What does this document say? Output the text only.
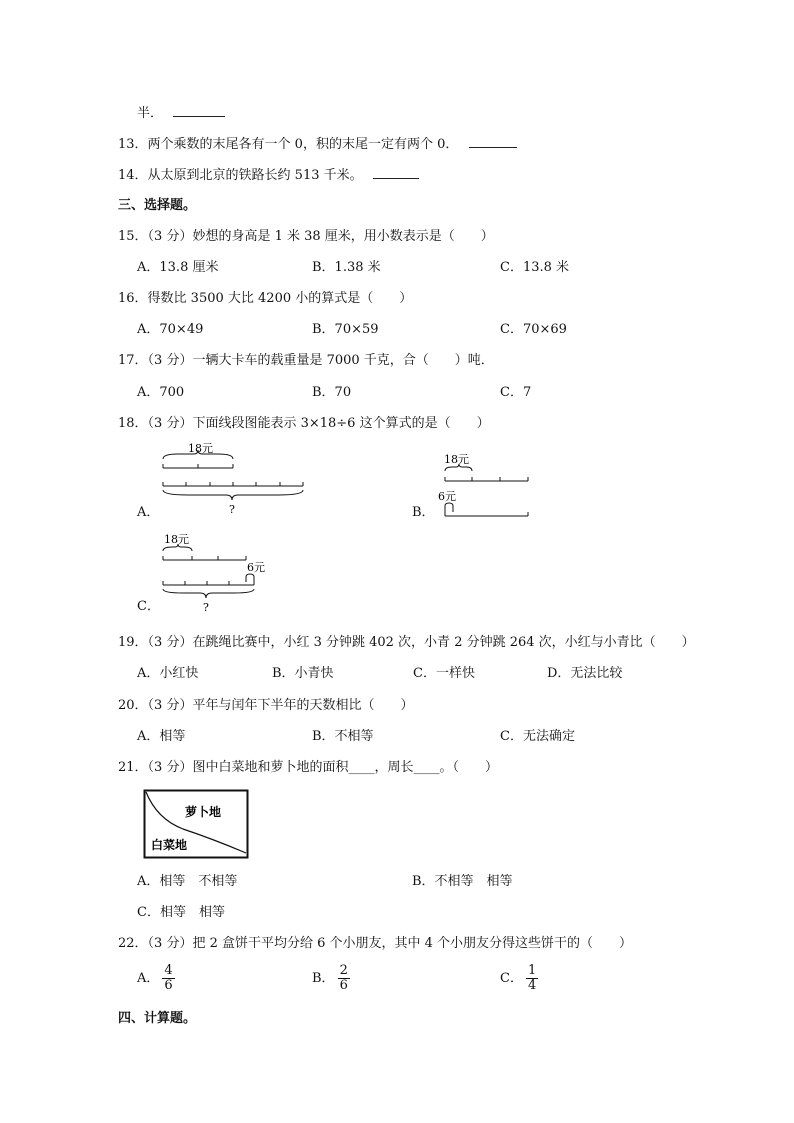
半．
13．两个乘数的末尾各有一个 0，积的末尾一定有两个 0．
14．从太原到北京的铁路长约 513 千米。
三、选择题。
15．（3 分）妙想的身高是 1 米 38 厘米，用小数表示是（　　）
A．13.8 厘米	B．1.38 米	C．13.8 米
16．得数比 3500 大比 4200 小的算式是（　　）
A．70×49	B．70×59	C．70×69
17．（3 分）一辆大卡车的载重量是 7000 千克，合（　　）吨．
A．700	B．70	C．7
18．（3 分）下面线段图能表示 3×18÷6 这个算式的是（　　）
A．
18元
?	B．
18元
6元
C．
18元
6元
?
19．（3 分）在跳绳比赛中，小红 3 分钟跳 402 次，小青 2 分钟跳 264 次，小红与小青比（　　）
A．小红快	B．小青快	C．一样快	D．无法比较
20．（3 分）平年与闰年下半年的天数相比（　　）
A．相等	B．不相等	C．无法确定
21．（3 分）图中白菜地和萝卜地的面积____，周长____。（　　）
萝卜地
白菜地
A．相等　不相等	B．不相等　相等
C．相等　相等
22．（3 分）把 2 盒饼干平均分给 6 个小朋友，其中 4 个小朋友分得这些饼干的（　　）
A． $\frac{4}{6}$	B． $\frac{2}{6}$	C． $\frac{1}{4}$
四、计算题。
